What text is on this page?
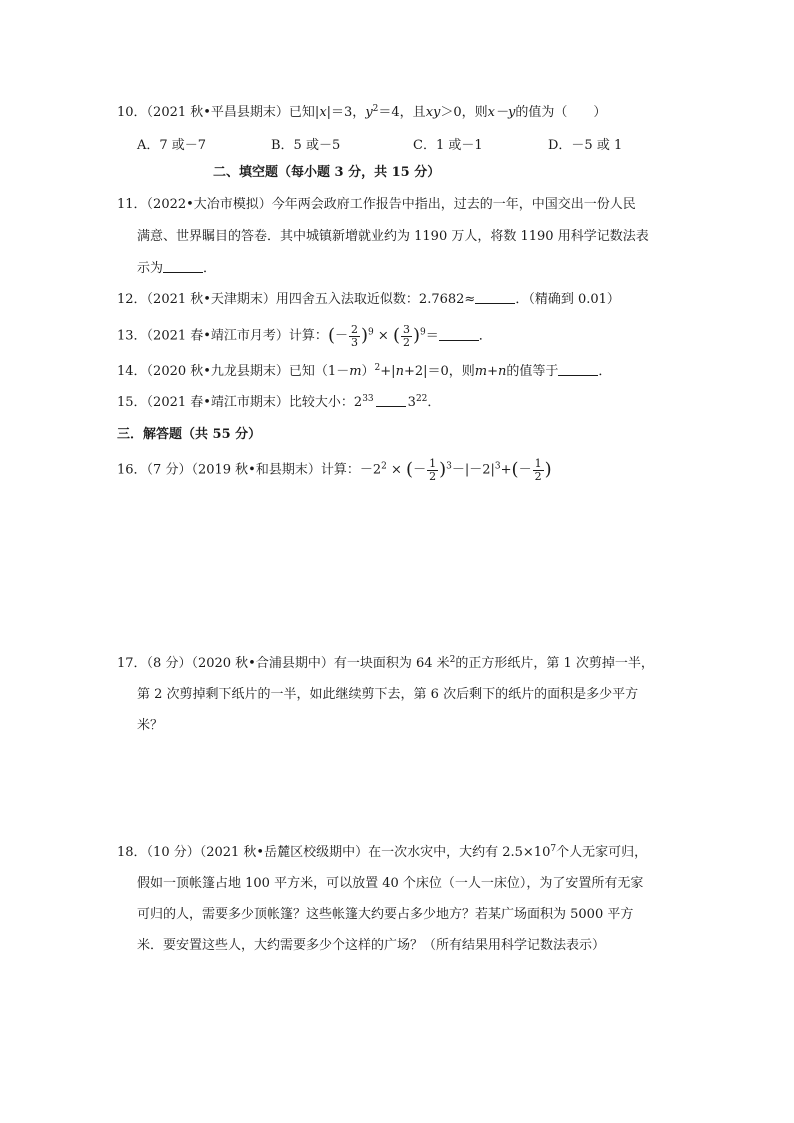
10．（2021 秋•平昌县期末）已知|x|＝3，$y^2=4$，且xy＞0，则x－y的值为（　　）
A．7 或－7	B．5 或－5	C．1 或－1	D．－5 或 1
二、填空题（每小题 3 分，共 15 分）
11．（2022•大冶市模拟）今年两会政府工作报告中指出，过去的一年，中国交出一份人民
满意、世界瞩目的答卷．其中城镇新增就业约为 1190 万人，将数 1190 用科学记数法表
示为	．
12．（2021 秋•天津期末）用四舍五入法取近似数：2.7682≈	．（精确到 0.01）
13．（2021 春•靖江市月考）计算：(－ $\frac{2}{3} )^9$ × ( $\frac{3}{2} )^9=$	．
14．（2020 秋•九龙县期末）已知$(1-m)^2+|n+2|=0$，则m+n的值等于	．
15．（2021 春•靖江市期末）比较大小：$2^{33}$	$3^{22}$．
三．解答题（共 55 分）
16．（7 分）（2019 秋•和县期末）计算：$-2^2$ × (－ $\frac{1}{2} )^3-|-2|^3+(- \frac{1}{2}$ )
17．（8 分）（2020 秋•合浦县期中）有一块面积为 64 米$^2$的正方形纸片，第 1 次剪掉一半，
第 2 次剪掉剩下纸片的一半，如此继续剪下去，第 6 次后剩下的纸片的面积是多少平方
米？
18．（10 分）（2021 秋•岳麓区校级期中）在一次水灾中，大约有 $2.5\times 10^7$个人无家可归，
假如一顶帐篷占地 100 平方米，可以放置 40 个床位（一人一床位），为了安置所有无家
可归的人，需要多少顶帐篷？这些帐篷大约要占多少地方？若某广场面积为 5000 平方
米．要安置这些人，大约需要多少个这样的广场？（所有结果用科学记数法表示）
